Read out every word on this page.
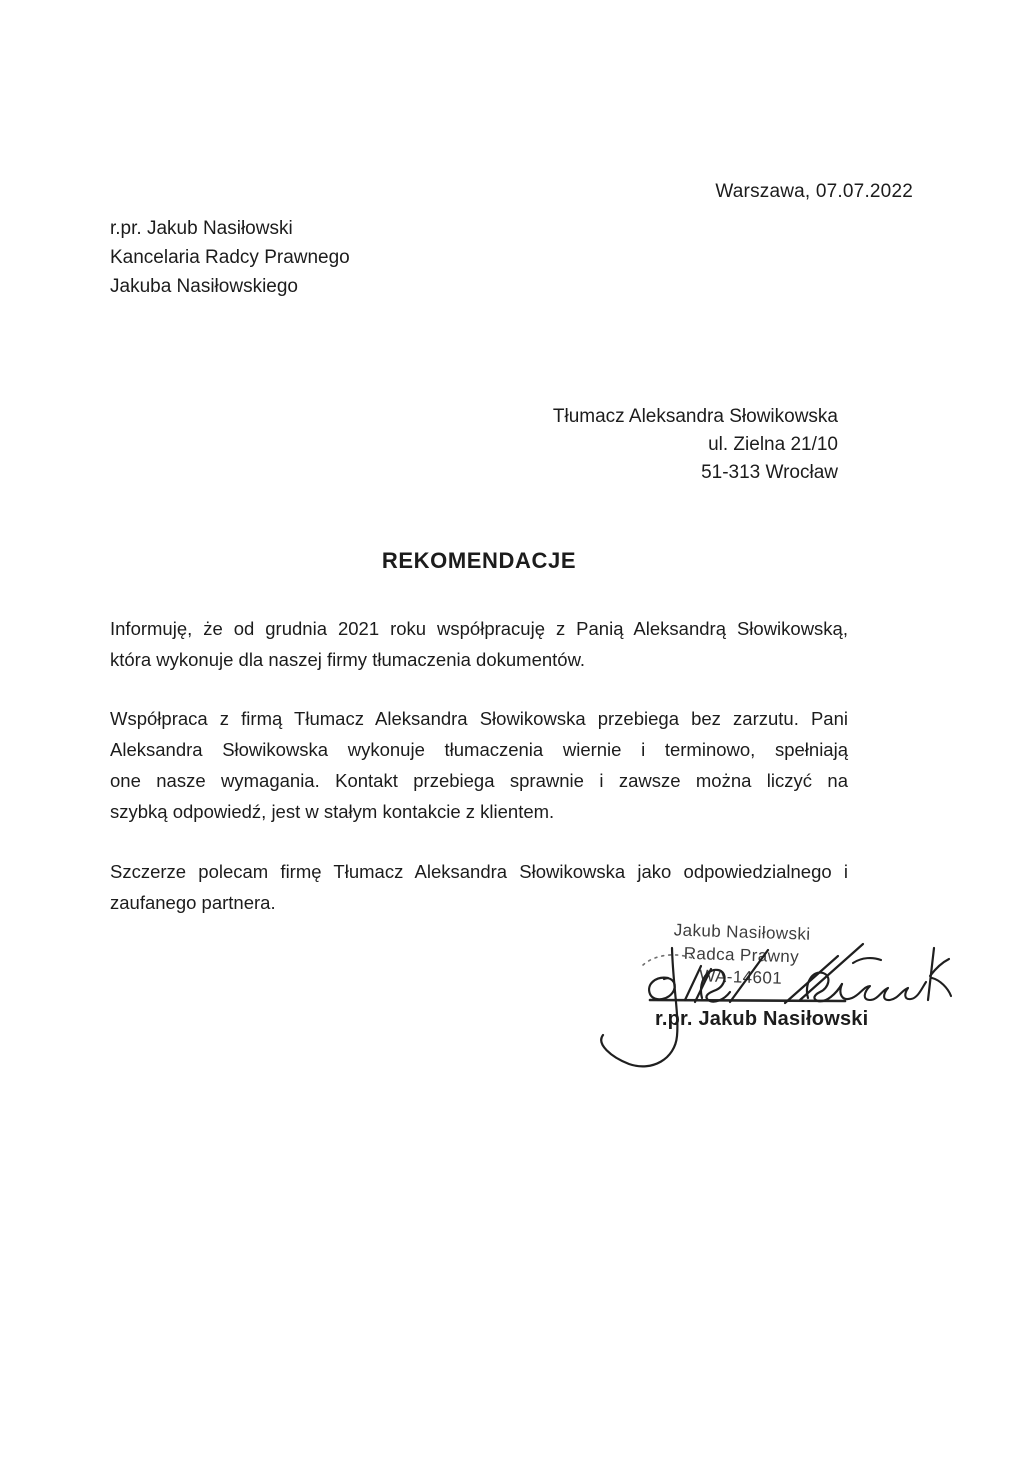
Warszawa, 07.07.2022
r.pr. Jakub Nasiłowski
Kancelaria Radcy Prawnego
Jakuba Nasiłowskiego
Tłumacz Aleksandra Słowikowska
ul. Zielna 21/10
51-313 Wrocław
REKOMENDACJE
Informuję, że od grudnia 2021 roku współpracuję z Panią Aleksandrą Słowikowską,
która wykonuje dla naszej firmy tłumaczenia dokumentów.
Współpraca z firmą Tłumacz Aleksandra Słowikowska przebiega bez zarzutu. Pani
Aleksandra Słowikowska wykonuje tłumaczenia wiernie i terminowo, spełniają
one nasze wymagania. Kontakt przebiega sprawnie i zawsze można liczyć na
szybką odpowiedź, jest w stałym kontakcie z klientem.
Szczerze polecam firmę Tłumacz Aleksandra Słowikowska jako odpowiedzialnego i
zaufanego partnera.
Jakub Nasiłowski
Radca Prawny
WA-14601
r.pr. Jakub Nasiłowski
